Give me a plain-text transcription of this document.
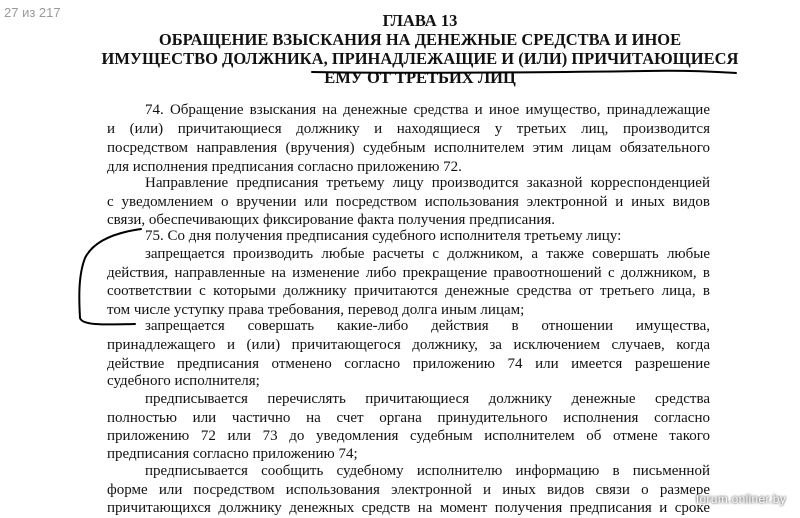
27 из 217	ГЛАВА 13
ОБРАЩЕНИЕ ВЗЫСКАНИЯ НА ДЕНЕЖНЫЕ СРЕДСТВА И ИНОЕ
ИМУЩЕСТВО ДОЛЖНИКА, ПРИНАДЛЕЖАЩИЕ И (ИЛИ) ПРИЧИТАЮЩИЕСЯ
ЕМУ ОТ ТРЕТЬИХ ЛИЦ
74. Обращение взыскания на денежные средства и иное имущество, принадлежащие
и (или) причитающиеся должнику и находящиеся у третьих лиц, производится
посредством направления (вручения) судебным исполнителем этим лицам обязательного
для исполнения предписания согласно приложению 72.
Направление предписания третьему лицу производится заказной корреспонденцией
с уведомлением о вручении или посредством использования электронной и иных видов
связи, обеспечивающих фиксирование факта получения предписания.
75. Со дня получения предписания судебного исполнителя третьему лицу:
запрещается производить любые расчеты с должником, а также совершать любые
действия, направленные на изменение либо прекращение правоотношений с должником, в
соответствии с которыми должнику причитаются денежные средства от третьего лица, в
том числе уступку права требования, перевод долга иным лицам;
запрещается совершать какие-либо действия в отношении имущества,
принадлежащего и (или) причитающегося должнику, за исключением случаев, когда
действие предписания отменено согласно приложению 74 или имеется разрешение
судебного исполнителя;
предписывается перечислять причитающиеся должнику денежные средства
полностью или частично на счет органа принудительного исполнения согласно
приложению 72 или 73 до уведомления судебным исполнителем об отмене такого
предписания согласно приложению 74;
предписывается сообщить судебному исполнителю информацию в письменной
форме или посредством использования электронной и иных видов связи о размере
причитающихся должнику денежных средств на момент получения предписания и сроке
forum.onliner.by
